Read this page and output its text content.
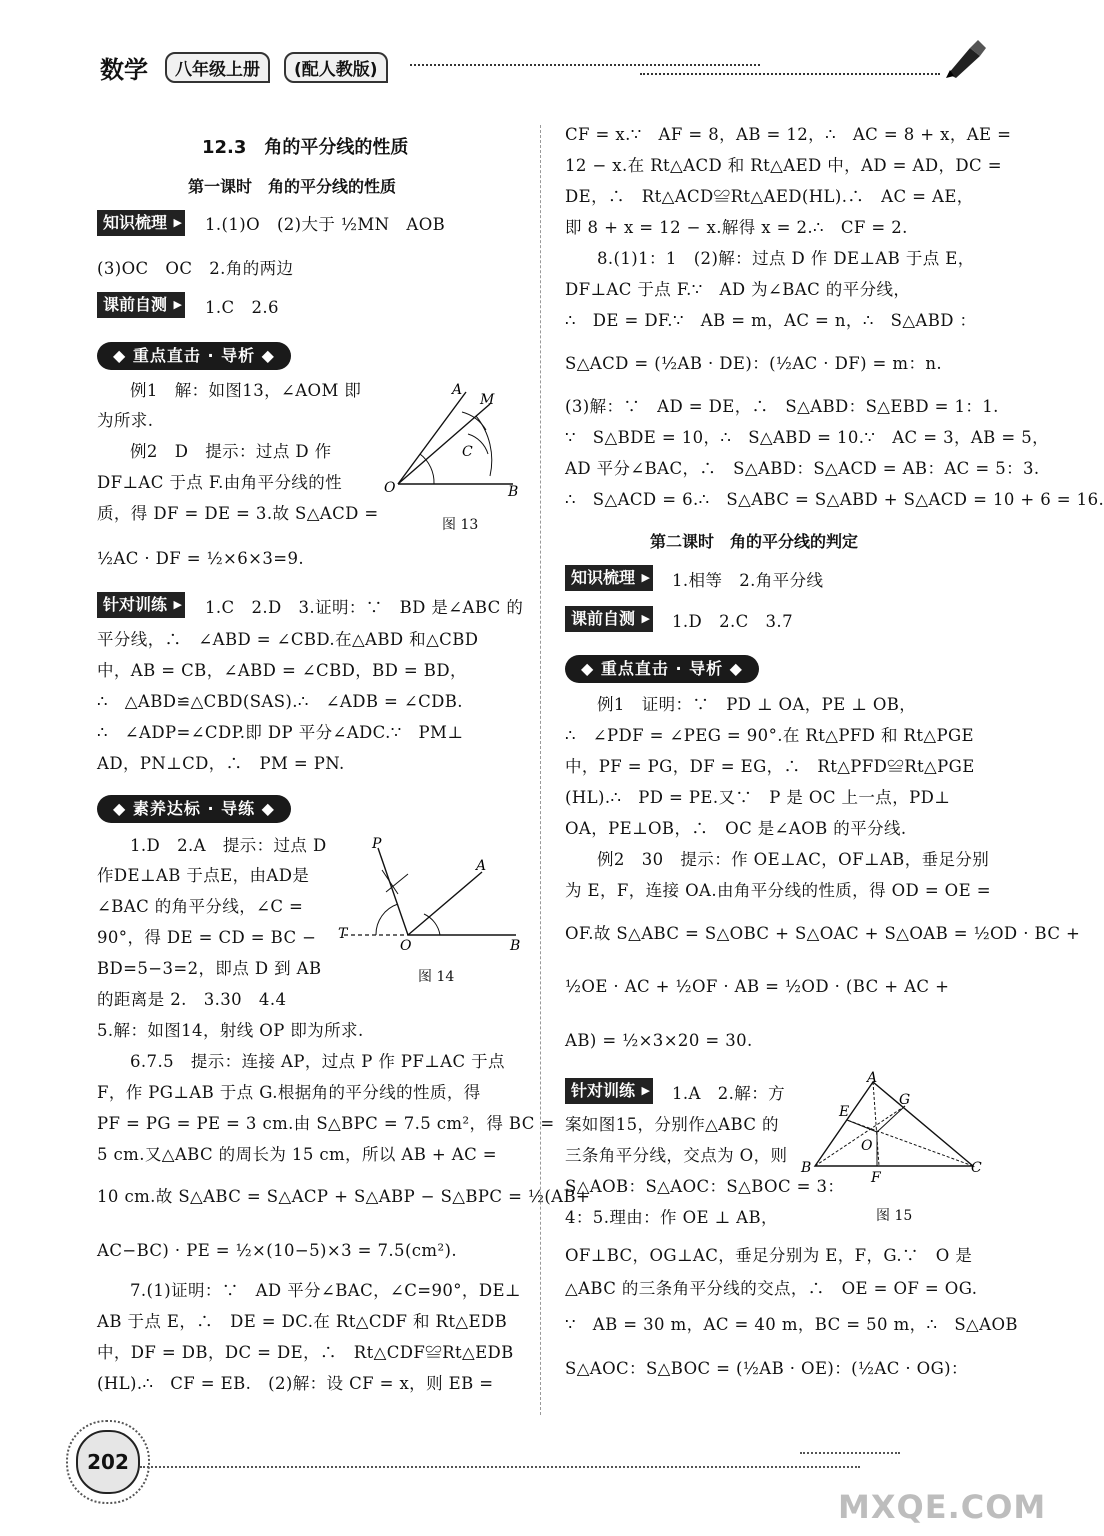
数学	八年级上册	(配人教版)
12.3　角的平分线的性质
第一课时　角的平分线的性质
知识梳理 ▶	1.(1)O　(2)大于 ½MN　AOB
(3)OC　OC　2.角的两边
课前自测 ▶	1.C　2.6
◆ 重点直击 · 导析 ◆
例1　解：如图13，∠AOM 即
为所求.
例2　D　提示：过点 D 作
DF⊥AC 于点 F.由角平分线的性
质，得 DF = DE = 3.故 S△ACD =
½AC · DF = ½×6×3=9.
A
M
C
O	B
图 13
针对训练 ▶	1.C　2.D　3.证明：∵　BD 是∠ABC 的
平分线，∴　∠ABD = ∠CBD.在△ABD 和△CBD
中，AB = CB，∠ABD = ∠CBD，BD = BD，
∴　△ABD≌△CBD(SAS).∴　∠ADB = ∠CDB.
∴　∠ADP=∠CDP.即 DP 平分∠ADC.∵　PM⊥
AD，PN⊥CD，∴　PM = PN.
◆ 素养达标 · 导练 ◆
1.D　2.A　提示：过点 D
作DE⊥AB 于点E，由AD是
∠BAC 的角平分线，∠C =
90°，得 DE = CD = BC −
BD=5−3=2，即点 D 到 AB
的距离是 2.　3.30　4.4
P
A
T
O	B
图 14
5.解：如图14，射线 OP 即为所求.
6.7.5　提示：连接 AP，过点 P 作 PF⊥AC 于点
F，作 PG⊥AB 于点 G.根据角的平分线的性质，得
PF = PG = PE = 3 cm.由 S△BPC = 7.5 cm²，得 BC =
5 cm.又△ABC 的周长为 15 cm，所以 AB + AC =
10 cm.故 S△ABC = S△ACP + S△ABP − S△BPC = ½(AB+
AC−BC) · PE = ½×(10−5)×3 = 7.5(cm²).
7.(1)证明：∵　AD 平分∠BAC，∠C=90°，DE⊥
AB 于点 E，∴　DE = DC.在 Rt△CDF 和 Rt△EDB
中，DF = DB，DC = DE，∴　Rt△CDF≌Rt△EDB
(HL).∴　CF = EB.　(2)解：设 CF = x，则 EB =
CF = x.∵　AF = 8，AB = 12，∴　AC = 8 + x，AE =
12 − x.在 Rt△ACD 和 Rt△AED 中，AD = AD，DC =
DE，∴　Rt△ACD≌Rt△AED(HL).∴　AC = AE，
即 8 + x = 12 − x.解得 x = 2.∴　CF = 2.
8.(1)1：1　(2)解：过点 D 作 DE⊥AB 于点 E，
DF⊥AC 于点 F.∵　AD 为∠BAC 的平分线，
∴　DE = DF.∵　AB = m，AC = n，∴　S△ABD ：
S△ACD = (½AB · DE)：(½AC · DF) = m：n.
(3)解：∵　AD = DE，∴　S△ABD：S△EBD = 1：1.
∵　S△BDE = 10，∴　S△ABD = 10.∵　AC = 3，AB = 5，
AD 平分∠BAC，∴　S△ABD：S△ACD = AB：AC = 5：3.
∴　S△ACD = 6.∴　S△ABC = S△ABD + S△ACD = 10 + 6 = 16.
第二课时　角的平分线的判定
知识梳理 ▶	1.相等　2.角平分线
课前自测 ▶	1.D　2.C　3.7
◆ 重点直击 · 导析 ◆
例1　证明：∵　PD ⊥ OA，PE ⊥ OB，
∴　∠PDF = ∠PEG = 90°.在 Rt△PFD 和 Rt△PGE
中，PF = PG，DF = EG，∴　Rt△PFD≌Rt△PGE
(HL).∴　PD = PE.又∵　P 是 OC 上一点，PD⊥
OA，PE⊥OB，∴　OC 是∠AOB 的平分线.
例2　30　提示：作 OE⊥AC，OF⊥AB，垂足分别
为 E，F，连接 OA.由角平分线的性质，得 OD = OE =
OF.故 S△ABC = S△OBC + S△OAC + S△OAB = ½OD · BC +
½OE · AC + ½OF · AB = ½OD · (BC + AC +
AB) = ½×3×20 = 30.
针对训练 ▶	1.A　2.解：方
案如图15，分别作△ABC 的
三条角平分线，交点为 O，则
S△AOB：S△AOC：S△BOC = 3：
4：5.理由：作 OE ⊥ AB，
A
E
G
O
B
F
C
图 15
OF⊥BC，OG⊥AC，垂足分别为 E，F，G.∵　O 是
△ABC 的三条角平分线的交点，∴　OE = OF = OG.
∵　AB = 30 m，AC = 40 m，BC = 50 m，∴　S△AOB
S△AOC：S△BOC = (½AB · OE)：(½AC · OG)：
202
MXQE.COM
